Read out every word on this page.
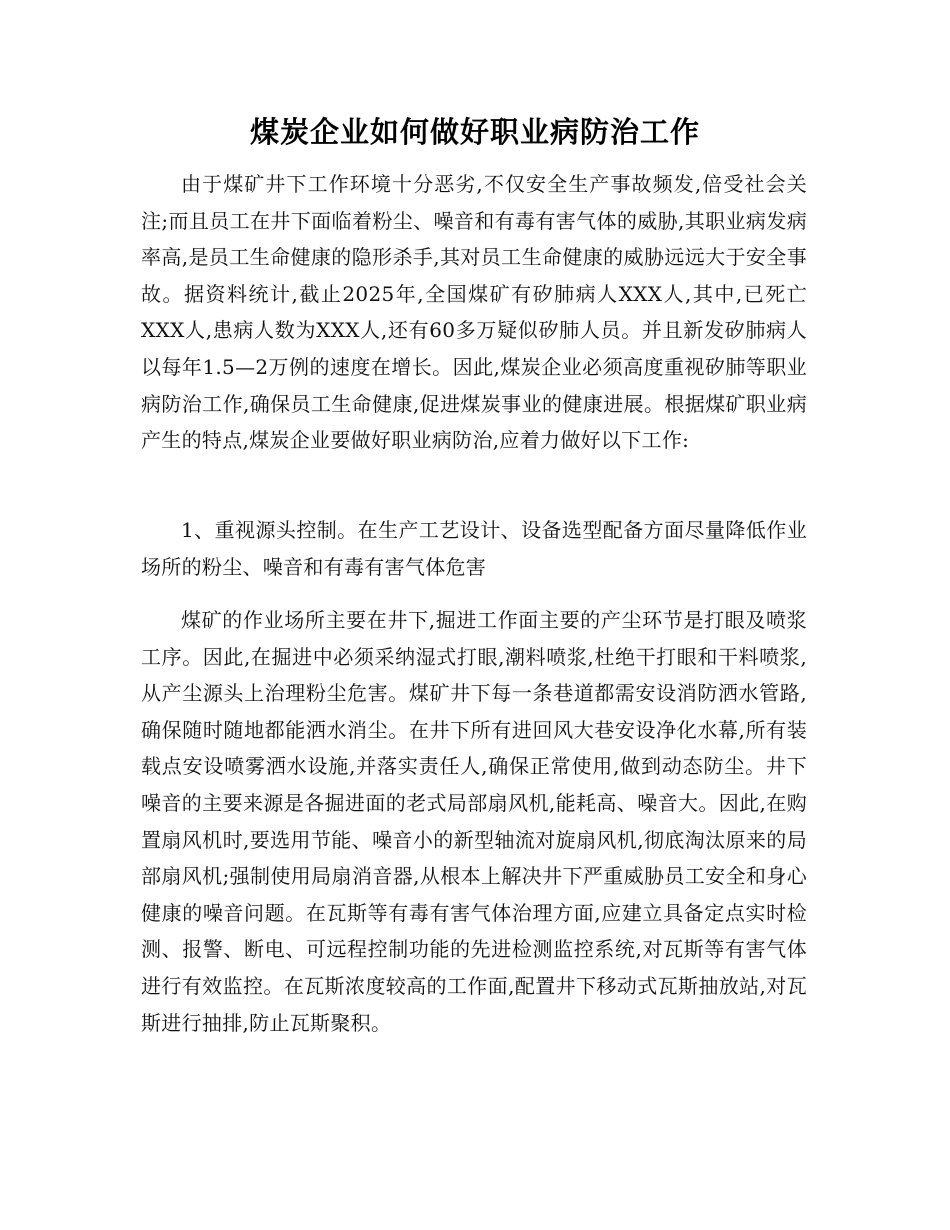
煤炭企业如何做好职业病防治工作

由于煤矿井下工作环境十分恶劣,不仅安全生产事故频发,倍受社会关注;而且员工在井下面临着粉尘、噪音和有毒有害气体的威胁,其职业病发病率高,是员工生命健康的隐形杀手,其对员工生命健康的威胁远远大于安全事故。据资料统计,截止2025年,全国煤矿有矽肺病人XXX人,其中,已死亡XXX人,患病人数为XXX人,还有60多万疑似矽肺人员。并且新发矽肺病人以每年1.5—2万例的速度在增长。因此,煤炭企业必须高度重视矽肺等职业病防治工作,确保员工生命健康,促进煤炭事业的健康进展。根据煤矿职业病产生的特点,煤炭企业要做好职业病防治,应着力做好以下工作:

1、重视源头控制。在生产工艺设计、设备选型配备方面尽量降低作业场所的粉尘、噪音和有毒有害气体危害

煤矿的作业场所主要在井下,掘进工作面主要的产尘环节是打眼及喷浆工序。因此,在掘进中必须采纳湿式打眼,潮料喷浆,杜绝干打眼和干料喷浆,从产尘源头上治理粉尘危害。煤矿井下每一条巷道都需安设消防洒水管路,确保随时随地都能洒水消尘。在井下所有进回风大巷安设净化水幕,所有装载点安设喷雾洒水设施,并落实责任人,确保正常使用,做到动态防尘。井下噪音的主要来源是各掘进面的老式局部扇风机,能耗高、噪音大。因此,在购置扇风机时,要选用节能、噪音小的新型轴流对旋扇风机,彻底淘汰原来的局部扇风机;强制使用局扇消音器,从根本上解决井下严重威胁员工安全和身心健康的噪音问题。在瓦斯等有毒有害气体治理方面,应建立具备定点实时检测、报警、断电、可远程控制功能的先进检测监控系统,对瓦斯等有害气体进行有效监控。在瓦斯浓度较高的工作面,配置井下移动式瓦斯抽放站,对瓦斯进行抽排,防止瓦斯聚积。
